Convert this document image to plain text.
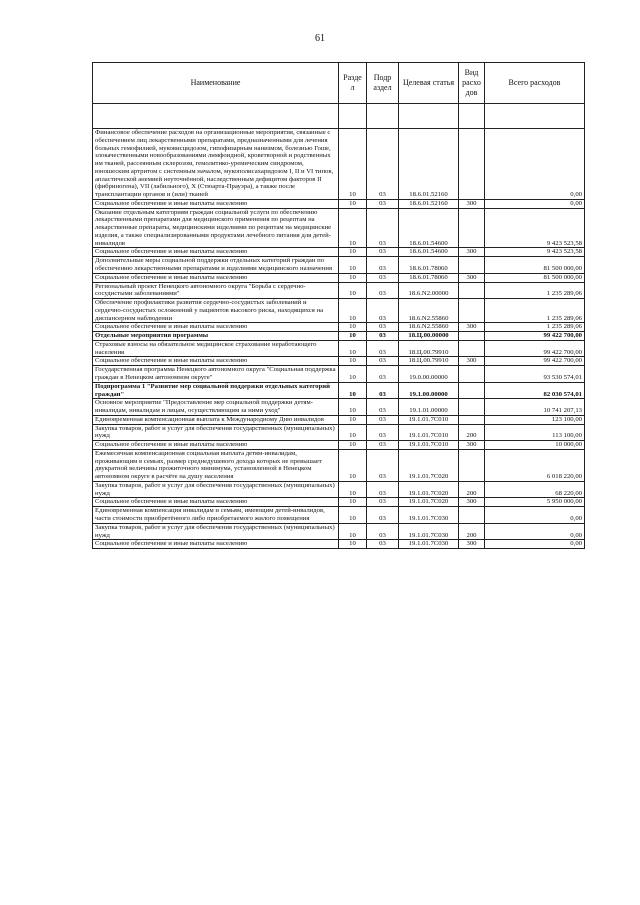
61
Наименование	Разде л	Подр аздел	Целевая статья	Вид расхо дов	Всего расходов

Финансовое обеспечение расходов на организационные мероприятия, связанные с обеспечением лиц лекарственными препаратами, предназначенными для лечения больных гемофилией, муковисцидозом, гипофизарным нанизмом, болезнью Гоше, злокачественными новообразованиями лимфоидной, кроветворной и родственных им тканей, рассеянным склерозом, гемолитико-уремическим синдромом, юношеским артритом с системным началом, мукополисахаридозом I, II и VI типов, апластической анемией неуточнённой, наследственным дефицитом факторов II (фибриногена), VII (лабильного), X (Стюарта-Прауэра), а также после трансплантации органов и (или) тканей	10	03	18.6.01.52160		0,00
Социальное обеспечение и иные выплаты населению	10	03	18.6.01.52160	300	0,00
Оказание отдельным категориям граждан социальной услуги по обеспечению лекарственными препаратами для медицинского применения по рецептам на лекарственные препараты, медицинскими изделиями по рецептам на медицинские изделия, а также специализированными продуктами лечебного питания для детей-инвалидов	10	03	18.6.01.54600		9 423 523,58
Социальное обеспечение и иные выплаты населению	10	03	18.6.01.54600	300	9 423 523,58
Дополнительные меры социальной поддержки отдельных категорий граждан по обеспечению лекарственными препаратами и изделиями медицинского назначения	10	03	18.6.01.78060		81 500 000,00
Социальное обеспечение и иные выплаты населению	10	03	18.6.01.78060	300	81 500 000,00
Региональный проект Ненецкого автономного округа "Борьба с сердечно-сосудистыми заболеваниями"	10	03	18.6.N2.00000		1 235 289,06
Обеспечение профилактики развития сердечно-сосудистых заболеваний и сердечно-сосудистых осложнений у пациентов высокого риска, находящихся на диспансерном наблюдении	10	03	18.6.N2.55860		1 235 289,06
Социальное обеспечение и иные выплаты населению	10	03	18.6.N2.55860	300	1 235 289,06
Отдельные мероприятия программы	10	03	18.Ц.00.00000		99 422 700,00
Страховые взносы на обязательное медицинское страхование неработающего населения	10	03	18.Ц.00.79910		99 422 700,00
Социальное обеспечение и иные выплаты населению	10	03	18.Ц.00.79910	300	99 422 700,00
Государственная программа Ненецкого автономного округа "Социальная поддержка граждан в Ненецком автономном округе"	10	03	19.0.00.00000		93 530 574,01
Подпрограмма 1 "Развитие мер социальной поддержки отдельных категорий граждан"	10	03	19.1.00.00000		82 030 574,01
Основное мероприятие "Предоставление мер социальной поддержки детям-инвалидам, инвалидам и лицам, осуществляющим за ними уход"	10	03	19.1.01.00000		10 741 207,13
Единовременная компенсационная выплата к Международному Дню инвалидов	10	03	19.1.01.7С010		123 100,00
Закупка товаров, работ и услуг для обеспечения государственных (муниципальных) нужд	10	03	19.1.01.7С010	200	113 100,00
Социальное обеспечение и иные выплаты населению	10	03	19.1.01.7С010	300	10 000,00
Ежемесячная компенсационная социальная выплата детям-инвалидам, проживающим в семьях, размер среднедушевого дохода которых не превышает двукратной величины прожиточного минимума, установленной в Ненецком автономном округе в расчёте на душу населения	10	03	19.1.01.7С020		6 018 220,00
Закупка товаров, работ и услуг для обеспечения государственных (муниципальных) нужд	10	03	19.1.01.7С020	200	68 220,00
Социальное обеспечение и иные выплаты населению	10	03	19.1.01.7С020	300	5 950 000,00
Единовременная компенсация инвалидам и семьям, имеющим детей-инвалидов, части стоимости приобретённого либо приобретаемого жилого помещения	10	03	19.1.01.7С030		0,00
Закупка товаров, работ и услуг для обеспечения государственных (муниципальных) нужд	10	03	19.1.01.7С030	200	0,00
Социальное обеспечение и иные выплаты населению	10	03	19.1.01.7С030	300	0,00
